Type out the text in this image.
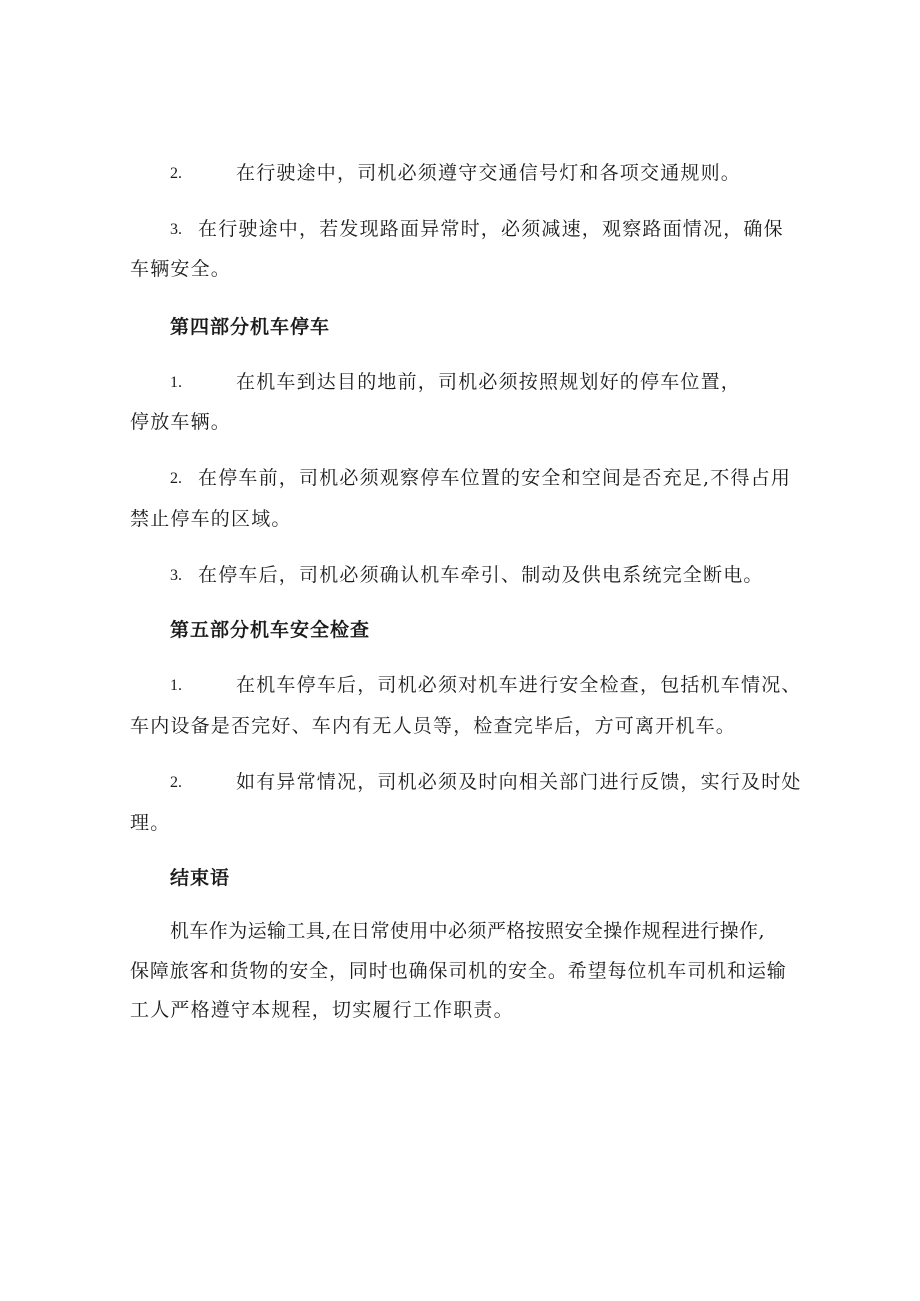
2.	在行驶途中，司机必须遵守交通信号灯和各项交通规则。
3. 在行驶途中，若发现路面异常时，必须减速，观察路面情况，确保
车辆安全。
第四部分机车停车
1.	在机车到达目的地前，司机必须按照规划好的停车位置，
停放车辆。
2. 在停车前，司机必须观察停车位置的安全和空间是否充足,不得占用
禁止停车的区域。
3. 在停车后，司机必须确认机车牵引、制动及供电系统完全断电。
第五部分机车安全检查
1.	在机车停车后，司机必须对机车进行安全检查，包括机车情况、
车内设备是否完好、车内有无人员等，检查完毕后，方可离开机车。
2.	如有异常情况，司机必须及时向相关部门进行反馈，实行及时处
理。
结束语
机车作为运输工具,在日常使用中必须严格按照安全操作规程进行操作,
保障旅客和货物的安全，同时也确保司机的安全。希望每位机车司机和运输
工人严格遵守本规程，切实履行工作职责。
